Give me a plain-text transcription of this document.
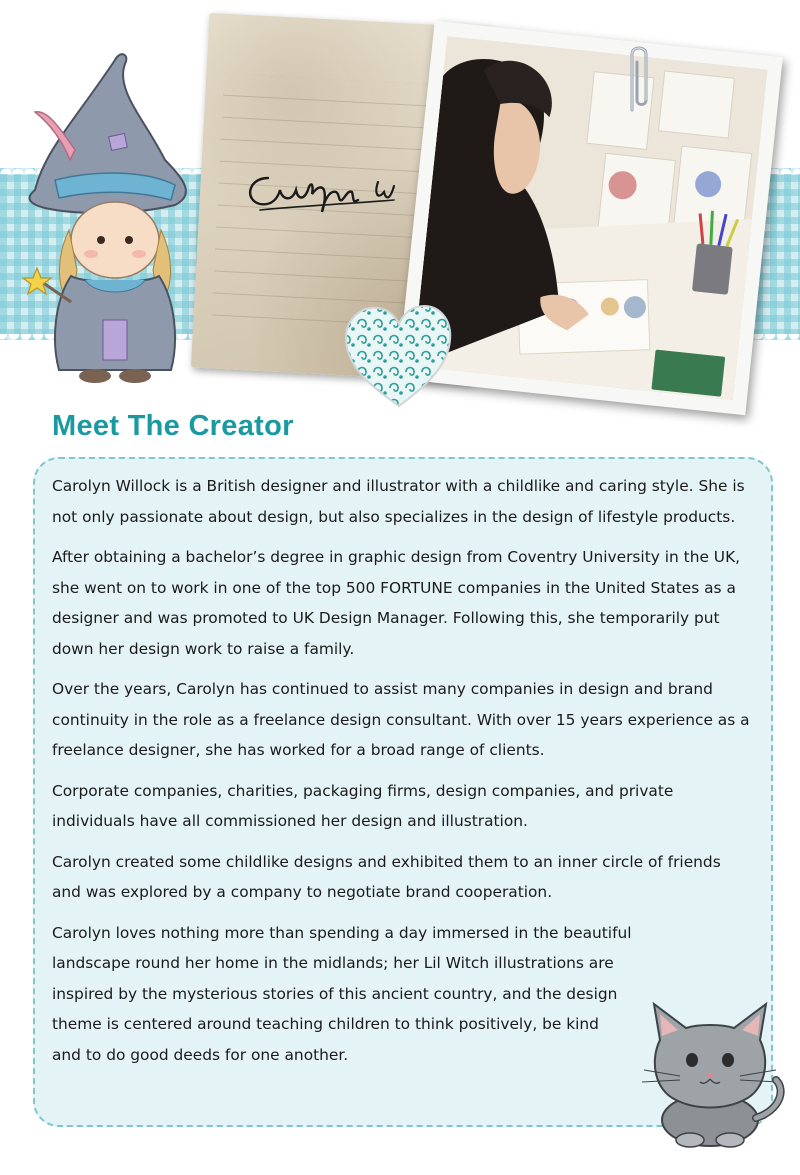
Meet The Creator

Carolyn Willock is a British designer and illustrator with a childlike and caring style. She is not only passionate about design, but also specializes in the design of lifestyle products.

After obtaining a bachelor’s degree in graphic design from Coventry University in the UK, she went on to work in one of the top 500 FORTUNE companies in the United States as a designer and was promoted to UK Design Manager. Following this, she temporarily put down her design work to raise a family.

Over the years, Carolyn has continued to assist many companies in design and brand continuity in the role as a freelance design consultant. With over 15 years experience as a freelance designer, she has worked for a broad range of clients.

Corporate companies, charities, packaging firms, design companies, and private individuals have all commissioned her design and illustration.

Carolyn created some childlike designs and exhibited them to an inner circle of friends and was explored by a company to negotiate brand cooperation.

Carolyn loves nothing more than spending a day immersed in the beautiful landscape round her home in the midlands; her Lil Witch illustrations are inspired by the mysterious stories of this ancient country, and the design theme is centered around teaching children to think positively, be kind and to do good deeds for one another.
